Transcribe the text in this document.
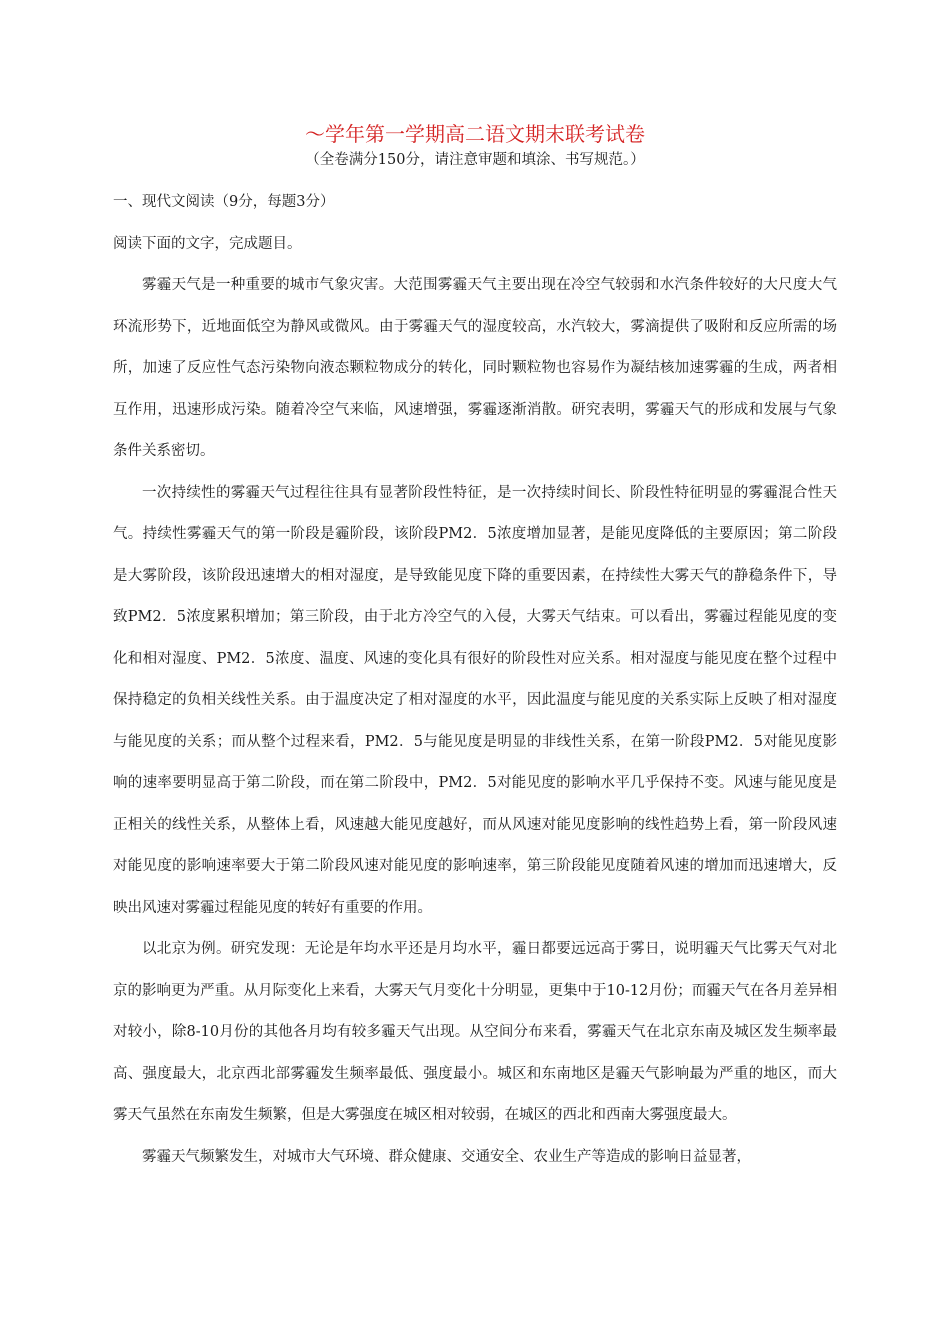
～学年第一学期高二语文期末联考试卷
（全卷满分150分，请注意审题和填涂、书写规范。）

一、现代文阅读（9分，每题3分）

阅读下面的文字，完成题目。

雾霾天气是一种重要的城市气象灾害。大范围雾霾天气主要出现在冷空气较弱和水汽条件较好的大尺度大气环流形势下，近地面低空为静风或微风。由于雾霾天气的湿度较高，水汽较大，雾滴提供了吸附和反应所需的场所，加速了反应性气态污染物向液态颗粒物成分的转化，同时颗粒物也容易作为凝结核加速雾霾的生成，两者相互作用，迅速形成污染。随着冷空气来临，风速增强，雾霾逐渐消散。研究表明，雾霾天气的形成和发展与气象条件关系密切。

一次持续性的雾霾天气过程往往具有显著阶段性特征，是一次持续时间长、阶段性特征明显的雾霾混合性天气。持续性雾霾天气的第一阶段是霾阶段，该阶段PM2．5浓度增加显著，是能见度降低的主要原因；第二阶段是大雾阶段，该阶段迅速增大的相对湿度，是导致能见度下降的重要因素，在持续性大雾天气的静稳条件下，导致PM2．5浓度累积增加；第三阶段，由于北方冷空气的入侵，大雾天气结束。可以看出，雾霾过程能见度的变化和相对湿度、PM2．5浓度、温度、风速的变化具有很好的阶段性对应关系。相对湿度与能见度在整个过程中保持稳定的负相关线性关系。由于温度决定了相对湿度的水平，因此温度与能见度的关系实际上反映了相对湿度与能见度的关系；而从整个过程来看，PM2．5与能见度是明显的非线性关系，在第一阶段PM2．5对能见度影响的速率要明显高于第二阶段，而在第二阶段中，PM2．5对能见度的影响水平几乎保持不变。风速与能见度是正相关的线性关系，从整体上看，风速越大能见度越好，而从风速对能见度影响的线性趋势上看，第一阶段风速对能见度的影响速率要大于第二阶段风速对能见度的影响速率，第三阶段能见度随着风速的增加而迅速增大，反映出风速对雾霾过程能见度的转好有重要的作用。

以北京为例。研究发现：无论是年均水平还是月均水平，霾日都要远远高于雾日，说明霾天气比雾天气对北京的影响更为严重。从月际变化上来看，大雾天气月变化十分明显，更集中于10-12月份；而霾天气在各月差异相对较小，除8-10月份的其他各月均有较多霾天气出现。从空间分布来看，雾霾天气在北京东南及城区发生频率最高、强度最大，北京西北部雾霾发生频率最低、强度最小。城区和东南地区是霾天气影响最为严重的地区，而大雾天气虽然在东南发生频繁，但是大雾强度在城区相对较弱，在城区的西北和西南大雾强度最大。

雾霾天气频繁发生，对城市大气环境、群众健康、交通安全、农业生产等造成的影响日益显著，
